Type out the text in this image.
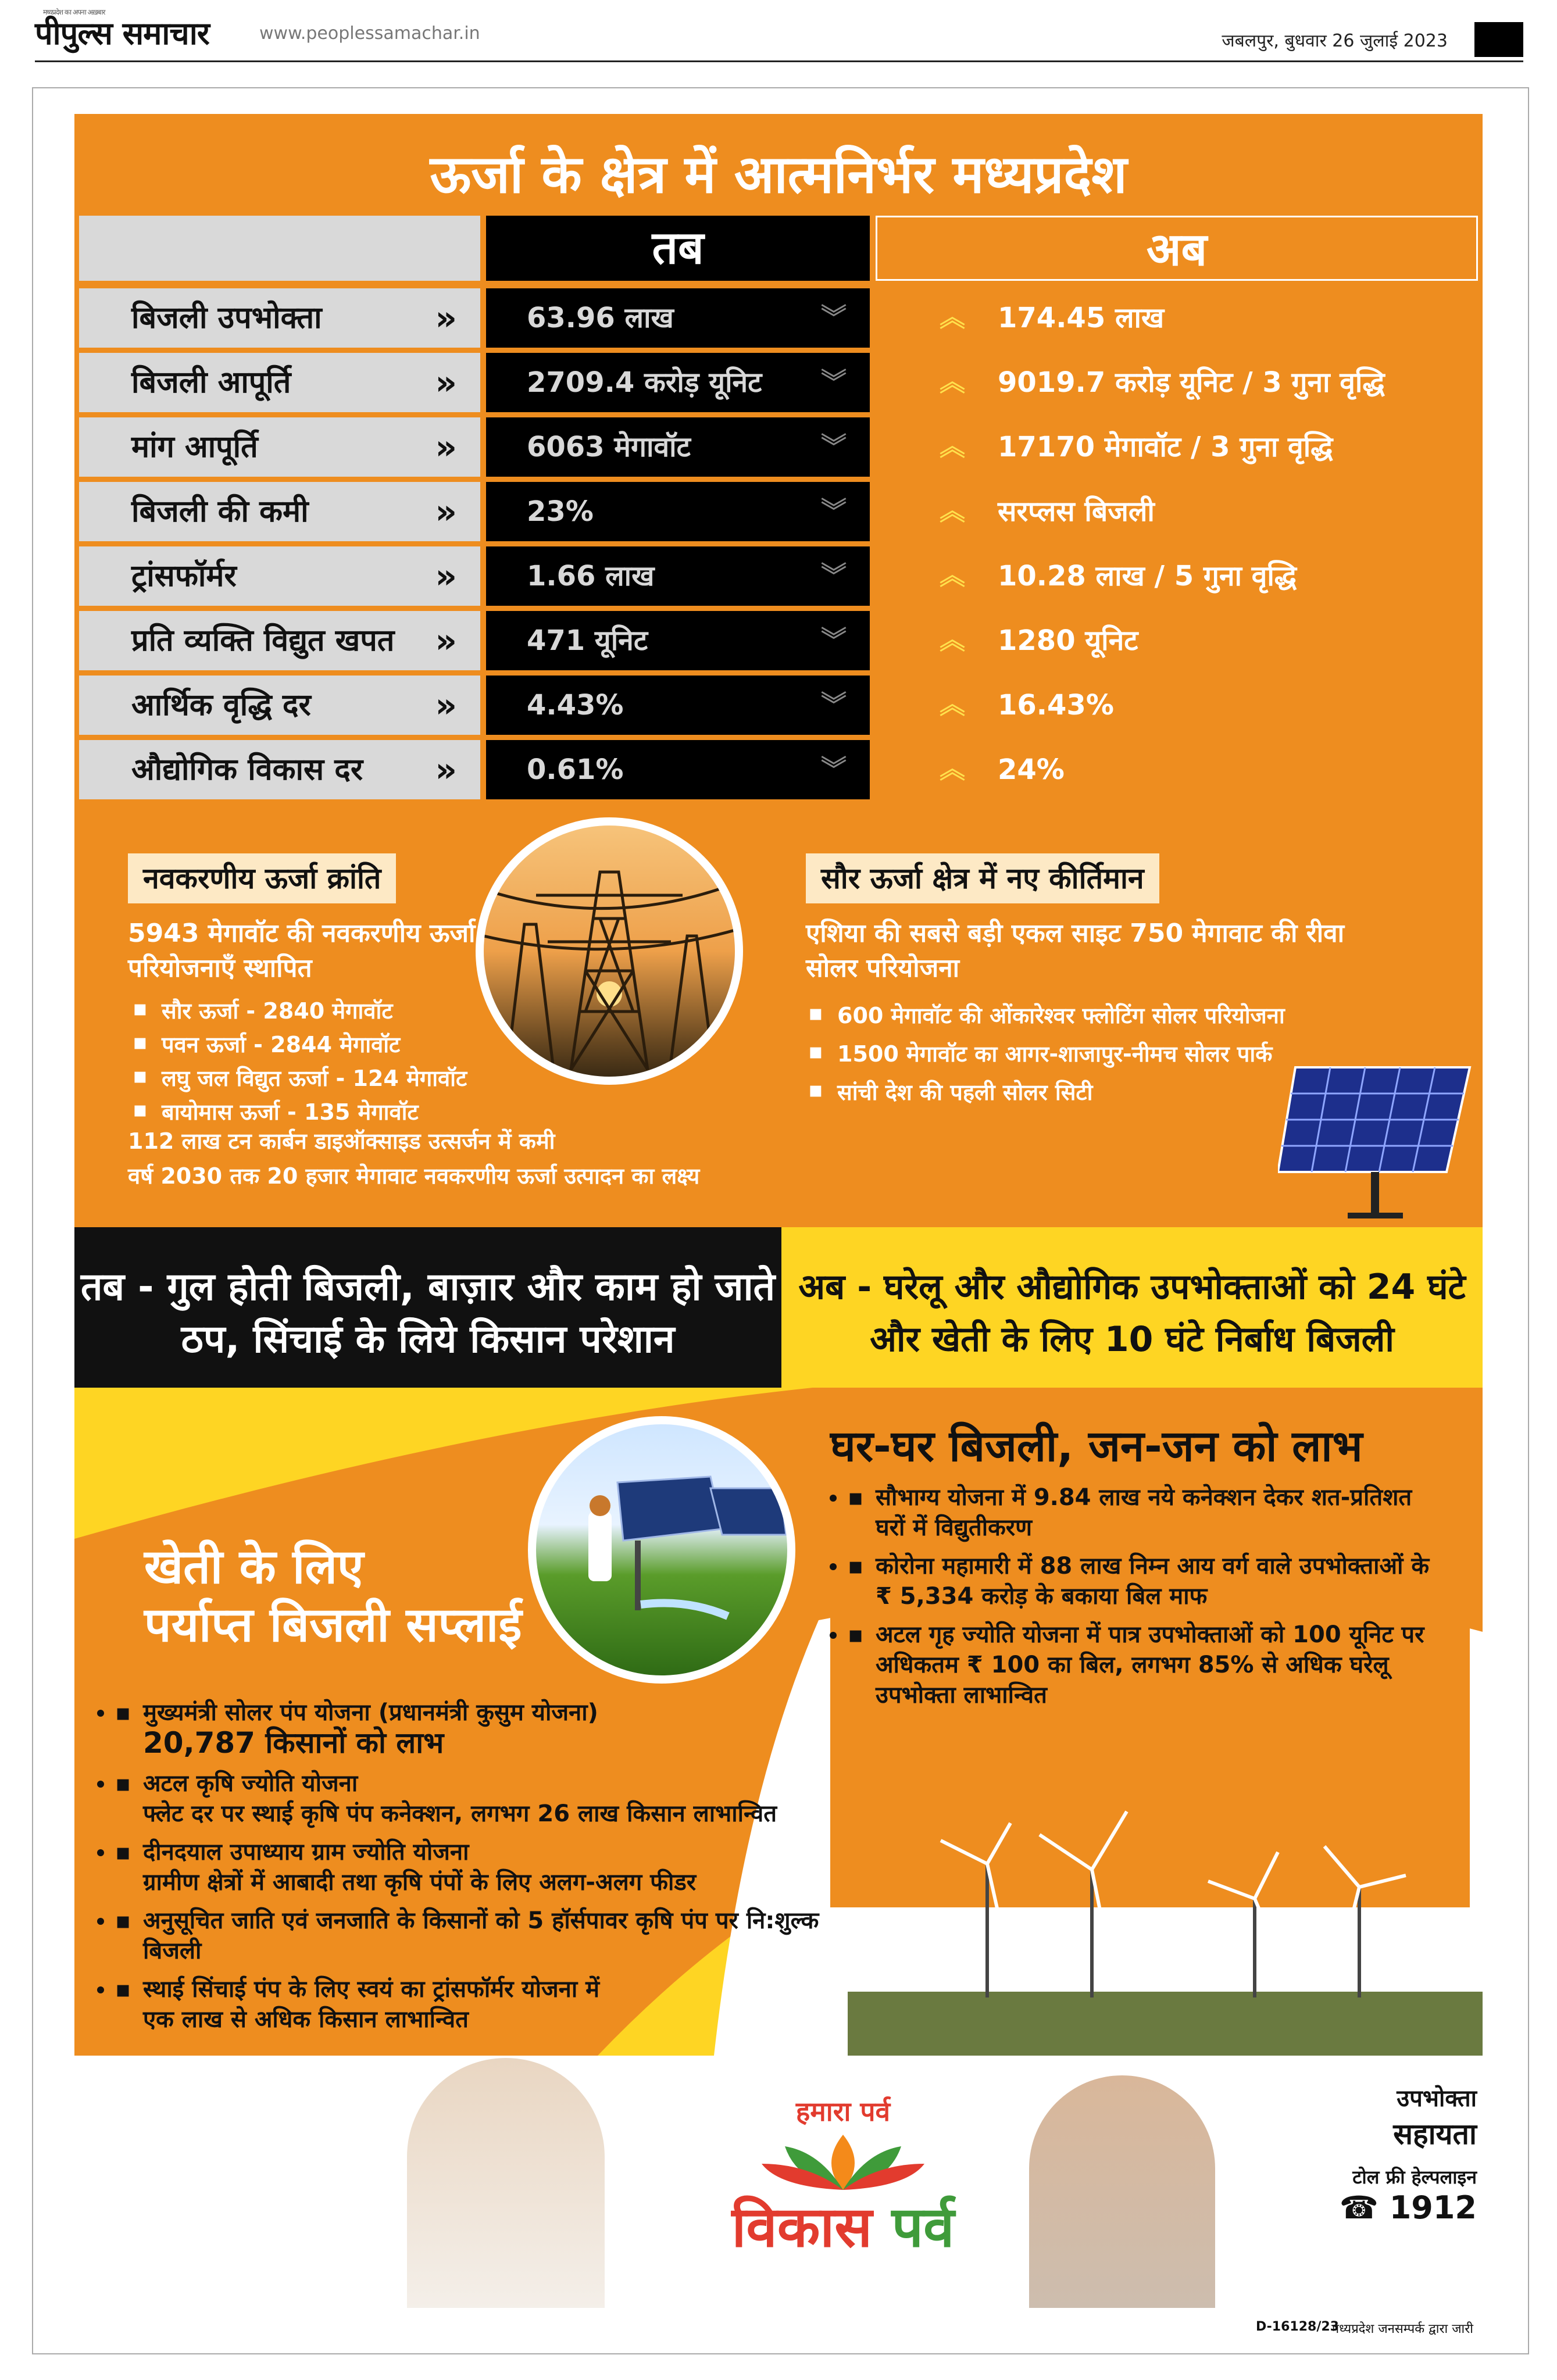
मध्यप्रदेश का अपना अख़बार
पीपुल्स समाचार	www.peoplessamachar.in	जबलपुर, बुधवार 26 जुलाई 2023
ऊर्जा के क्षेत्र में आत्मनिर्भर मध्यप्रदेश
तब	अब
नवकरणीय ऊर्जा क्रांति
5943 मेगावॉट की नवकरणीय ऊर्जा परियोजनाएँ स्थापित
▪ सौर ऊर्जा - 2840 मेगावॉट
▪ पवन ऊर्जा - 2844 मेगावॉट
▪ लघु जल विद्युत ऊर्जा - 124 मेगावॉट
▪ बायोमास ऊर्जा - 135 मेगावॉट
112 लाख टन कार्बन डाइऑक्साइड उत्सर्जन में कमी
वर्ष 2030 तक 20 हजार मेगावाट नवकरणीय ऊर्जा उत्पादन का लक्ष्य
सौर ऊर्जा क्षेत्र में नए कीर्तिमान
एशिया की सबसे बड़ी एकल साइट 750 मेगावाट की रीवा सोलर परियोजना
▪ 600 मेगावॉट की ओंकारेश्वर फ्लोटिंग सोलर परियोजना
▪ 1500 मेगावॉट का आगर-शाजापुर-नीमच सोलर पार्क
▪ सांची देश की पहली सोलर सिटी
तब - गुल होती बिजली, बाज़ार और काम हो जाते ठप, सिंचाई के लिये किसान परेशान
अब - घरेलू और औद्योगिक उपभोक्ताओं को 24 घंटे और खेती के लिए 10 घंटे निर्बाध बिजली
घर-घर बिजली, जन-जन को लाभ
▪ • सौभाग्य योजना में 9.84 लाख नये कनेक्शन देकर शत-प्रतिशत घरों में विद्युतीकरण
▪ • कोरोना महामारी में 88 लाख निम्न आय वर्ग वाले उपभोक्ताओं के ₹ 5,334 करोड़ के बकाया बिल माफ
▪ • अटल गृह ज्योति योजना में पात्र उपभोक्ताओं को 100 यूनिट पर अधिकतम ₹ 100 का बिल, लगभग 85% से अधिक घरेलू उपभोक्ता लाभान्वित
खेती के लिए
पर्याप्त बिजली सप्लाई
▪ • मुख्यमंत्री सोलर पंप योजना (प्रधानमंत्री कुसुम योजना)
20,787 किसानों को लाभ
▪ • अटल कृषि ज्योति योजना
फ्लेट दर पर स्थाई कृषि पंप कनेक्शन, लगभग 26 लाख किसान लाभान्वित
▪ • दीनदयाल उपाध्याय ग्राम ज्योति योजना
ग्रामीण क्षेत्रों में आबादी तथा कृषि पंपों के लिए अलग-अलग फीडर
▪ • अनुसूचित जाति एवं जनजाति के किसानों को 5 हॉर्सपावर कृषि पंप पर नि:शुल्क बिजली
▪ • स्थाई सिंचाई पंप के लिए स्वयं का ट्रांसफॉर्मर योजना में
एक लाख से अधिक किसान लाभान्वित
बिजली उपभोक्ता	»	63.96 लाख	︾	︽ 174.45 लाख
बिजली आपूर्ति	»	2709.4 करोड़ यूनिट ︾	︽ 9019.7 करोड़ यूनिट / 3 गुना वृद्धि
मांग आपूर्ति	»	6063 मेगावॉट	︾	︽ 17170 मेगावॉट / 3 गुना वृद्धि
बिजली की कमी	»	23%	︾	︽ सरप्लस बिजली
ट्रांसफॉर्मर	»	1.66 लाख	︾	︽ 10.28 लाख / 5 गुना वृद्धि
प्रति व्यक्ति विद्युत खपत »	471 यूनिट	︾	︽ 1280 यूनिट
आर्थिक वृद्धि दर	»	4.43%	︾	︽ 16.43%
औद्योगिक विकास दर »	0.61%	︾	︽ 24%
हमारा पर्व
विकास पर्व
उपभोक्ता
सहायता
टोल फ्री हेल्पलाइन
☎ 1912
D-16128/23
मध्यप्रदेश जनसम्पर्क द्वारा जारी
